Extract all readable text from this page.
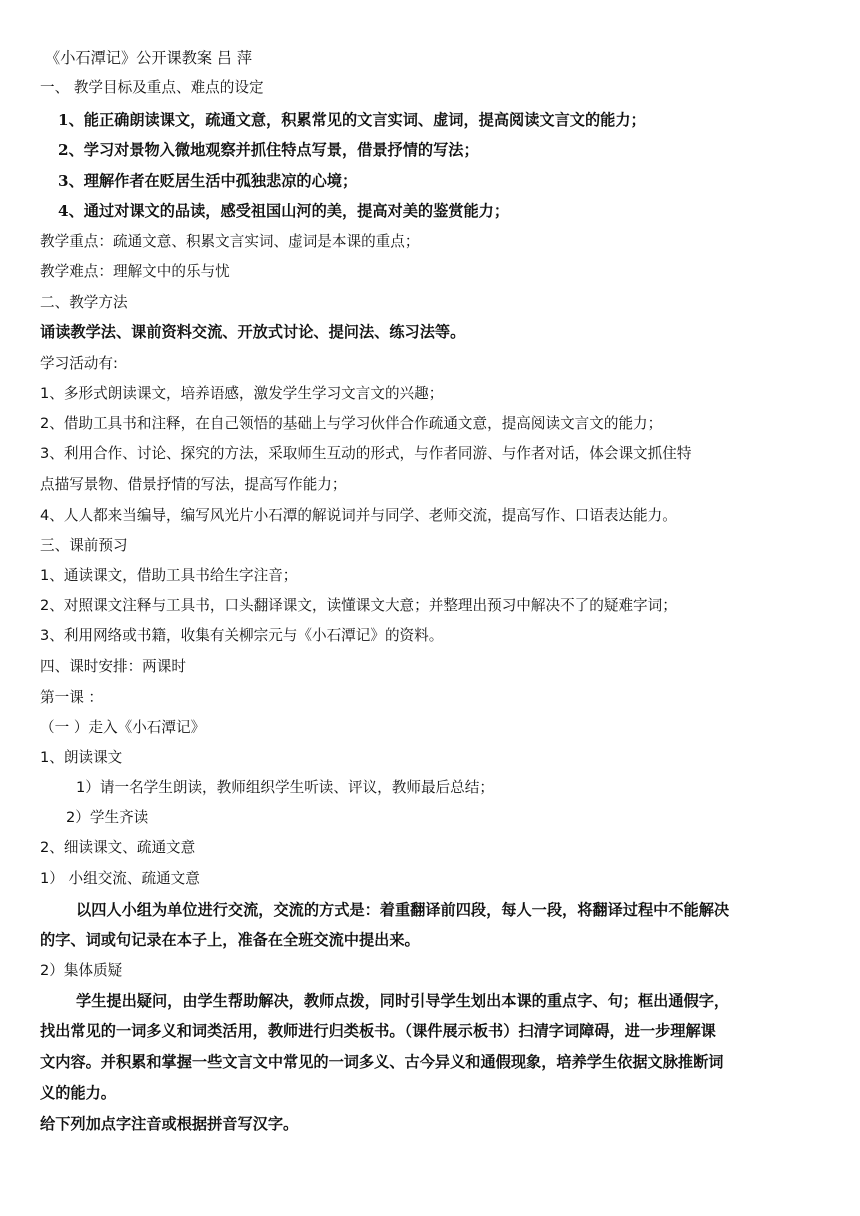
《小石潭记》公开课教案 吕 萍
一、 教学目标及重点、难点的设定
1、能正确朗读课文，疏通文意，积累常见的文言实词、虚词，提高阅读文言文的能力；
2、学习对景物入微地观察并抓住特点写景，借景抒情的写法；
3、理解作者在贬居生活中孤独悲凉的心境；
4、通过对课文的品读，感受祖国山河的美，提高对美的鉴赏能力；
教学重点：疏通文意、积累文言实词、虚词是本课的重点；
教学难点：理解文中的乐与忧
二、教学方法
诵读教学法、课前资料交流、开放式讨论、提问法、练习法等。
学习活动有:
1、多形式朗读课文，培养语感，激发学生学习文言文的兴趣；
2、借助工具书和注释，在自己领悟的基础上与学习伙伴合作疏通文意，提高阅读文言文的能力；
3、利用合作、讨论、探究的方法，采取师生互动的形式，与作者同游、与作者对话，体会课文抓住特
点描写景物、借景抒情的写法，提高写作能力；
4、人人都来当编导，编写风光片小石潭的解说词并与同学、老师交流，提高写作、口语表达能力。
三、课前预习
1、通读课文，借助工具书给生字注音；
2、对照课文注释与工具书，口头翻译课文，读懂课文大意；并整理出预习中解决不了的疑难字词；
3、利用网络或书籍，收集有关柳宗元与《小石潭记》的资料。
四、课时安排：两课时
第一课 ：
（一 ）走入《小石潭记》
1、朗读课文
1）请一名学生朗读，教师组织学生听读、评议，教师最后总结；
2）学生齐读
2、细读课文、疏通文意
1） 小组交流、疏通文意
以四人小组为单位进行交流，交流的方式是：着重翻译前四段，每人一段，将翻译过程中不能解决
的字、词或句记录在本子上，准备在全班交流中提出来。
2）集体质疑
学生提出疑问，由学生帮助解决，教师点拨，同时引导学生划出本课的重点字、句；框出通假字，
找出常见的一词多义和词类活用，教师进行归类板书。（课件展示板书）扫清字词障碍，进一步理解课
文内容。并积累和掌握一些文言文中常见的一词多义、古今异义和通假现象，培养学生依据文脉推断词
义的能力。
给下列加点字注音或根据拼音写汉字。
